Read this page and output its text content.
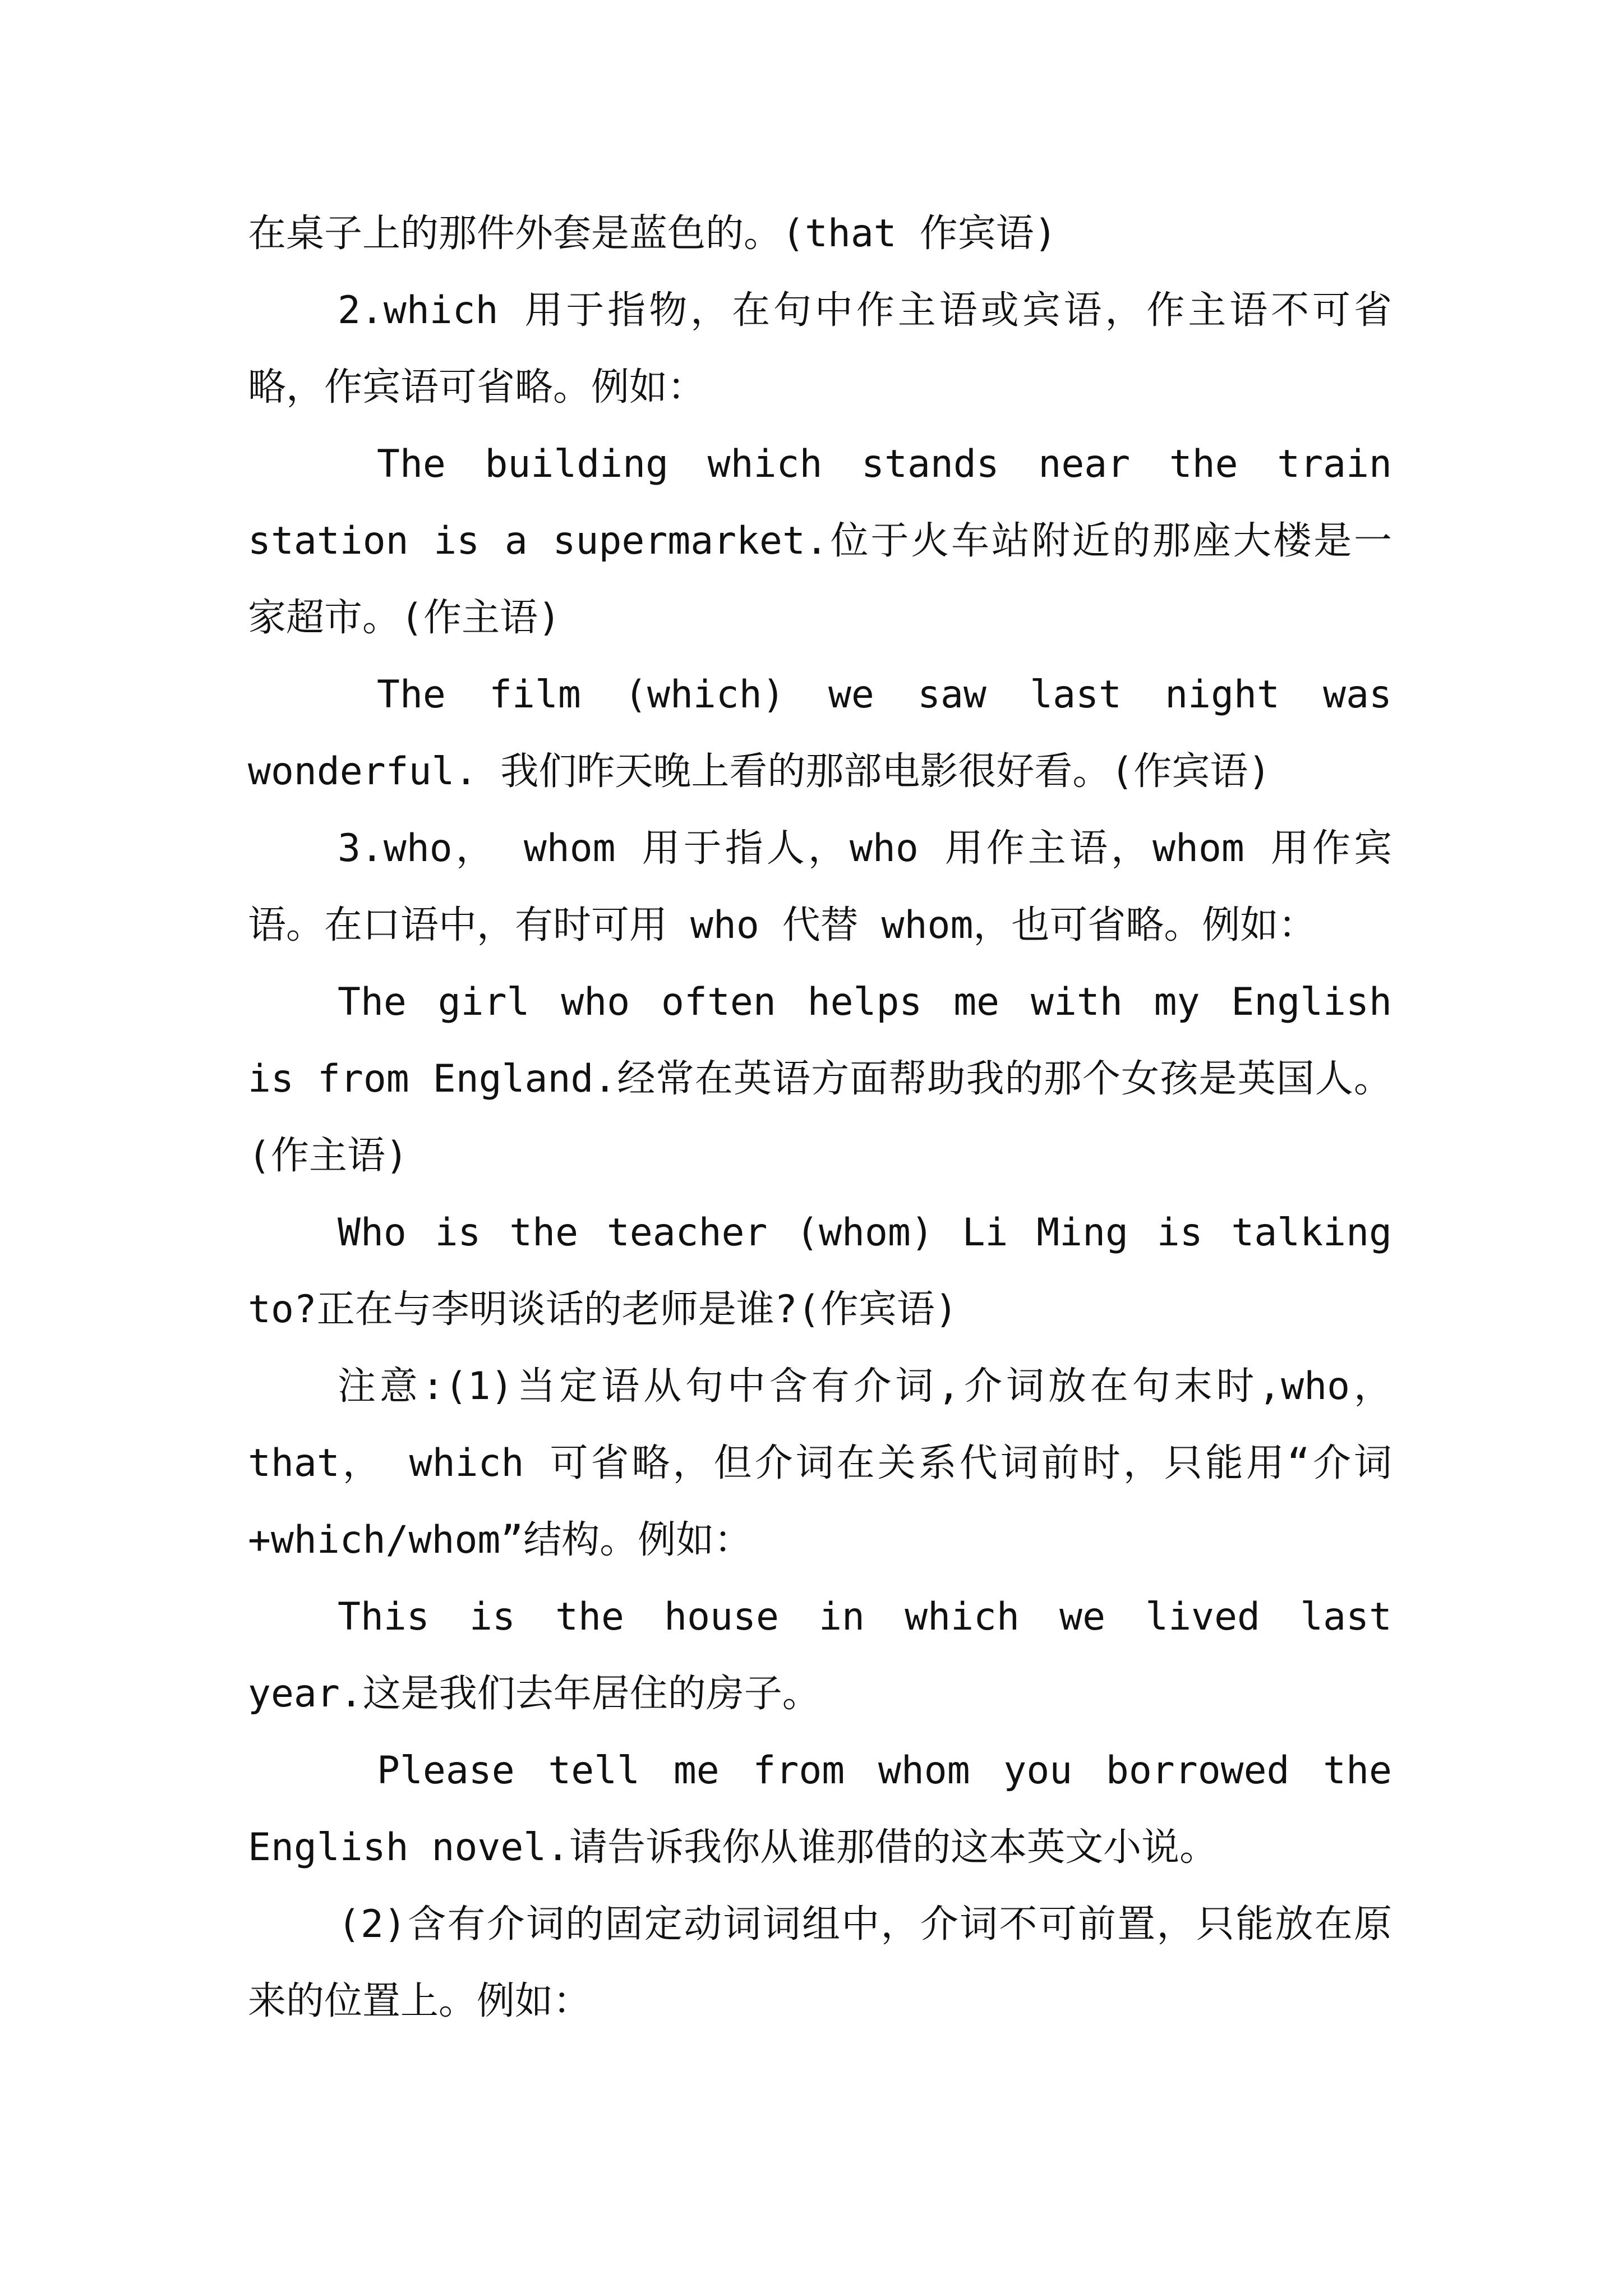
在桌子上的那件外套是蓝色的。(that 作宾语)

2.which 用于指物，在句中作主语或宾语，作主语不可省略，作宾语可省略。例如：

The building which stands near the train station is a supermarket.位于火车站附近的那座大楼是一家超市。(作主语)

The film (which) we saw last night was wonderful. 我们昨天晚上看的那部电影很好看。(作宾语)

3.who， whom 用于指人，who 用作主语，whom 用作宾语。在口语中，有时可用 who 代替 whom，也可省略。例如：

The girl who often helps me with my English is from England.经常在英语方面帮助我的那个女孩是英国人。(作主语)

Who is the teacher (whom) Li Ming is talking to?正在与李明谈话的老师是谁?(作宾语)

注意:(1)当定语从句中含有介词,介词放在句末时,who，that， which 可省略，但介词在关系代词前时，只能用“介词+which/whom”结构。例如：

This is the house in which we lived last year.这是我们去年居住的房子。

Please tell me from whom you borrowed the English novel.请告诉我你从谁那借的这本英文小说。

(2)含有介词的固定动词词组中，介词不可前置，只能放在原来的位置上。例如：
